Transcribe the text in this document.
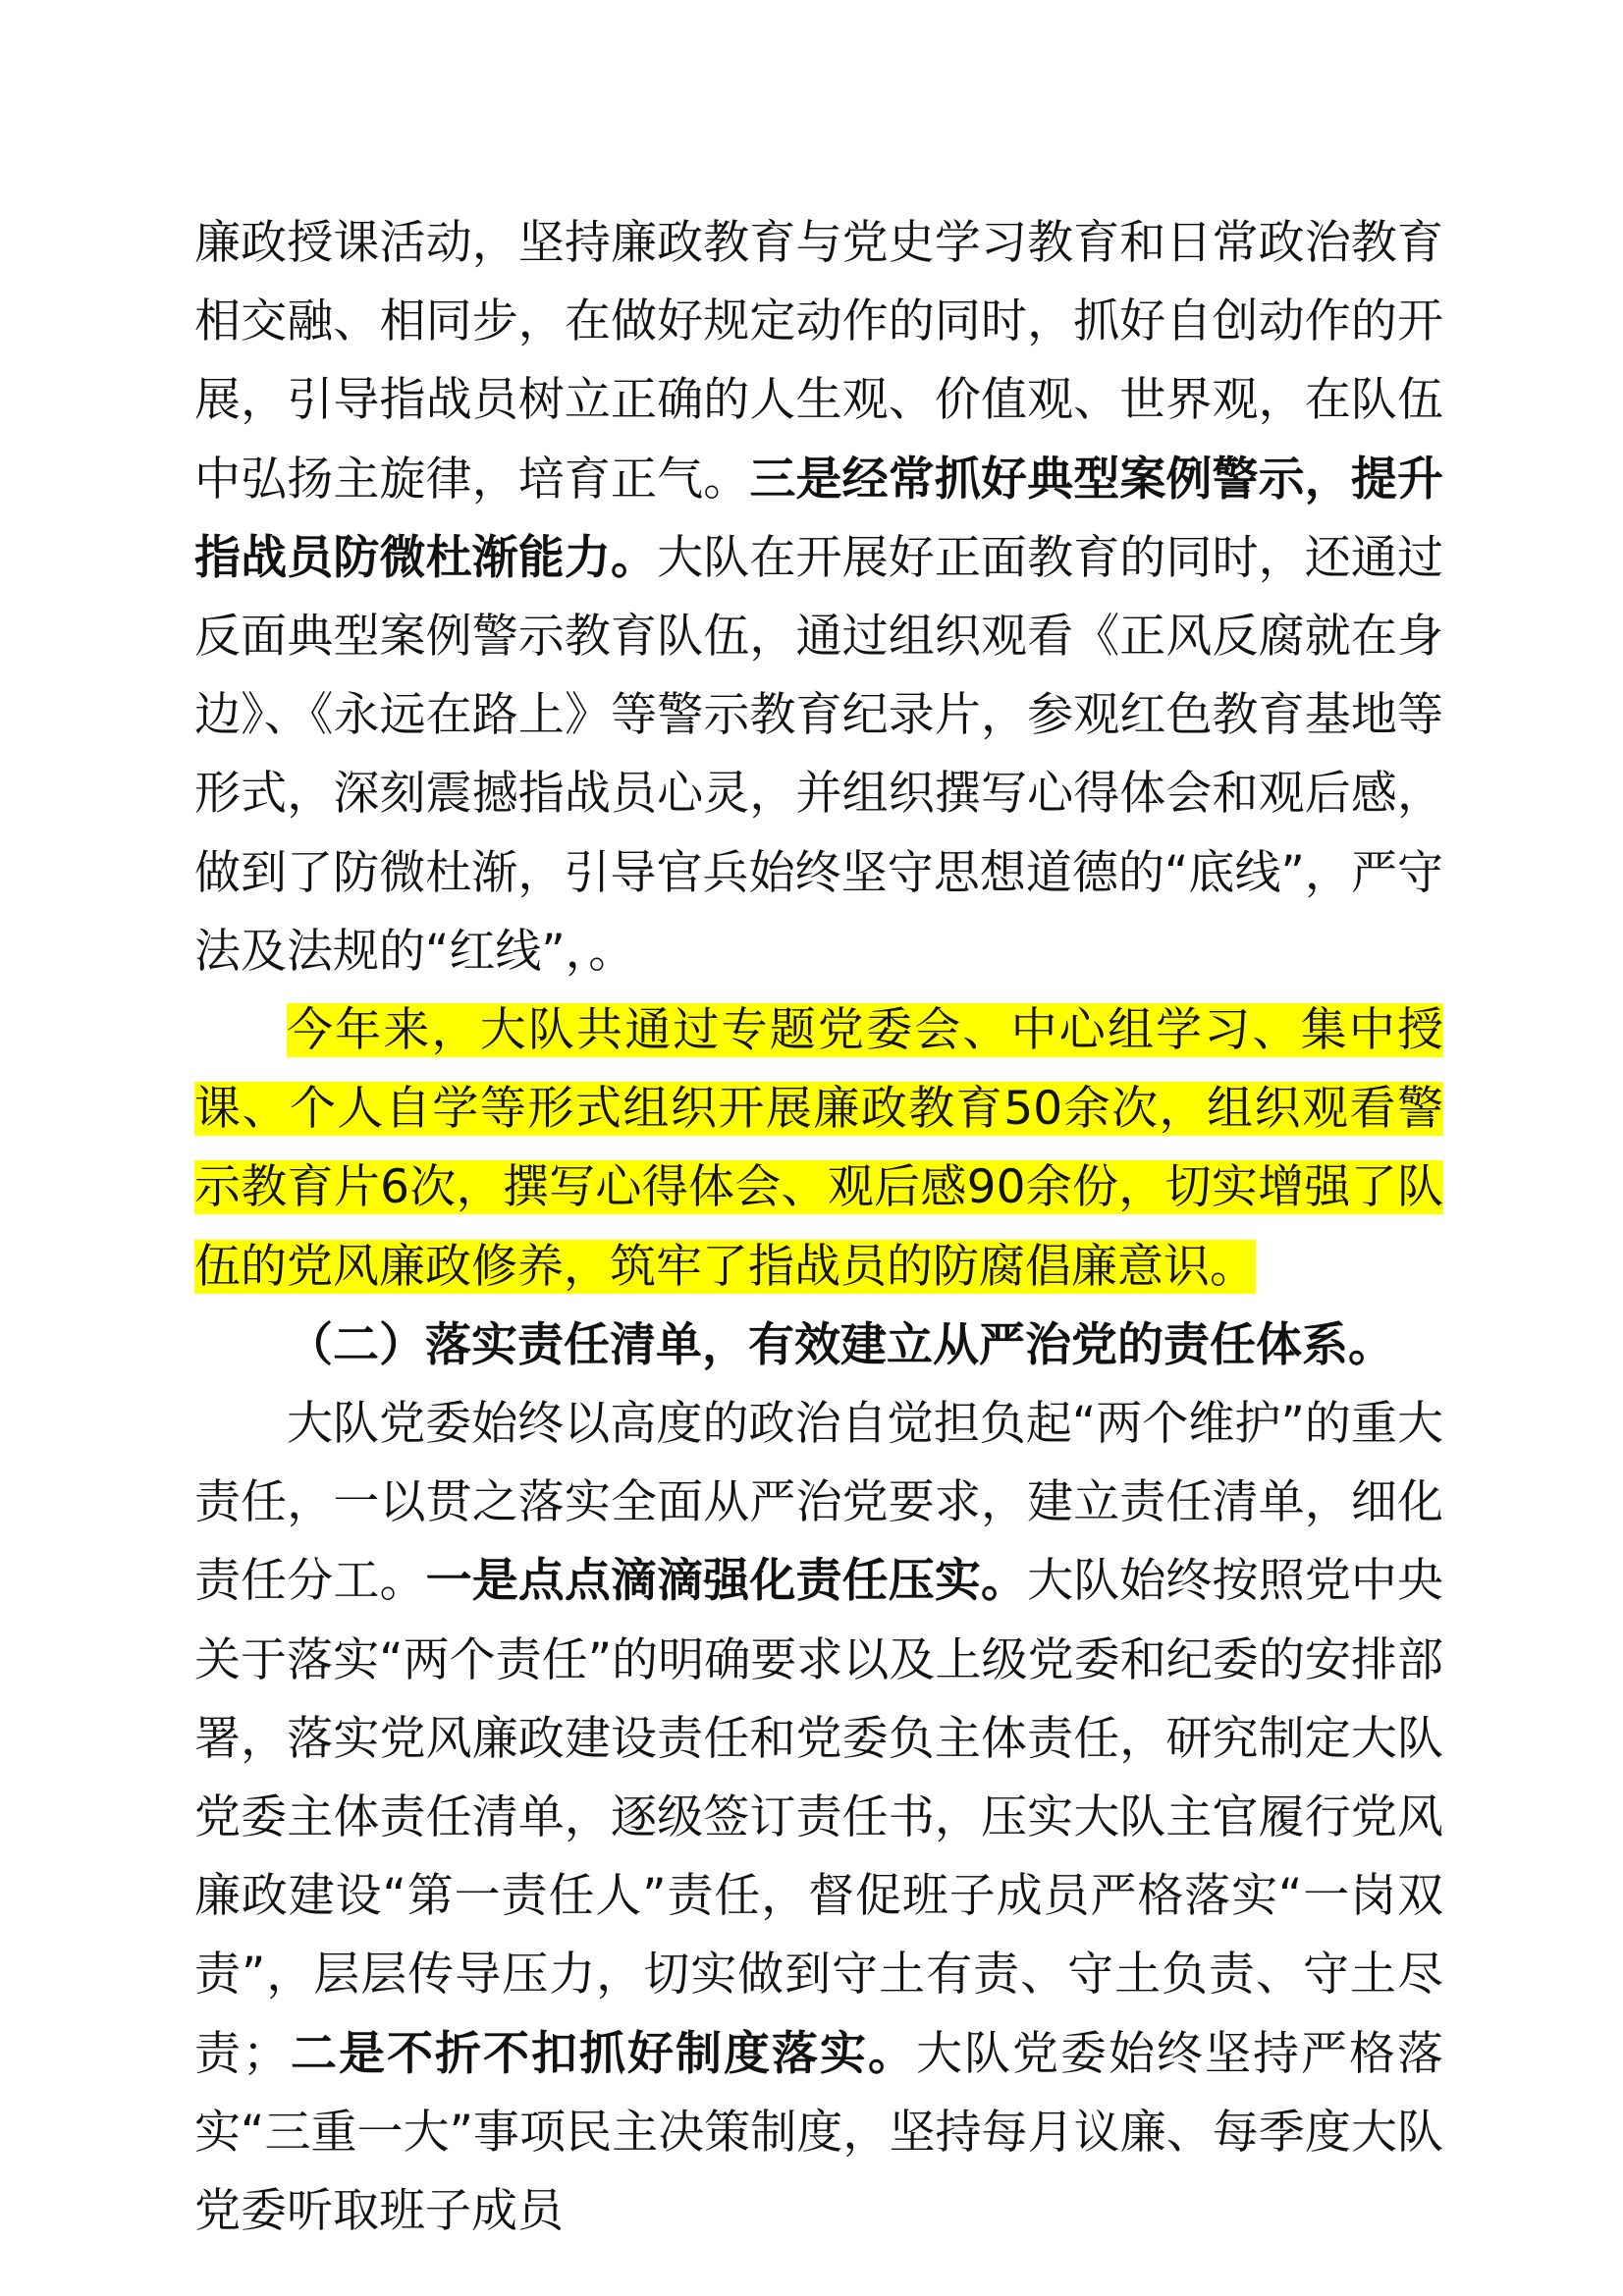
廉政授课活动，坚持廉政教育与党史学习教育和日常政治教育相交融、相同步，在做好规定动作的同时，抓好自创动作的开展，引导指战员树立正确的人生观、价值观、世界观，在队伍中弘扬主旋律，培育正气。三是经常抓好典型案例警示，提升指战员防微杜渐能力。大队在开展好正面教育的同时，还通过反面典型案例警示教育队伍，通过组织观看《正风反腐就在身边》、《永远在路上》等警示教育纪录片，参观红色教育基地等形式，深刻震撼指战员心灵，并组织撰写心得体会和观后感，做到了防微杜渐，引导官兵始终坚守思想道德的“底线”，严守法及法规的“红线”，。

今年来，大队共通过专题党委会、中心组学习、集中授课、个人自学等形式组织开展廉政教育50余次，组织观看警示教育片6次，撰写心得体会、观后感90余份，切实增强了队伍的党风廉政修养，筑牢了指战员的防腐倡廉意识。

（二）落实责任清单，有效建立从严治党的责任体系。

大队党委始终以高度的政治自觉担负起“两个维护”的重大责任，一以贯之落实全面从严治党要求，建立责任清单，细化责任分工。一是点点滴滴强化责任压实。大队始终按照党中央关于落实“两个责任”的明确要求以及上级党委和纪委的安排部署，落实党风廉政建设责任和党委负主体责任，研究制定大队党委主体责任清单，逐级签订责任书，压实大队主官履行党风廉政建设“第一责任人”责任，督促班子成员严格落实“一岗双责”，层层传导压力，切实做到守土有责、守土负责、守土尽责；二是不折不扣抓好制度落实。大队党委始终坚持严格落实“三重一大”事项民主决策制度，坚持每月议廉、每季度大队党委听取班子成员
